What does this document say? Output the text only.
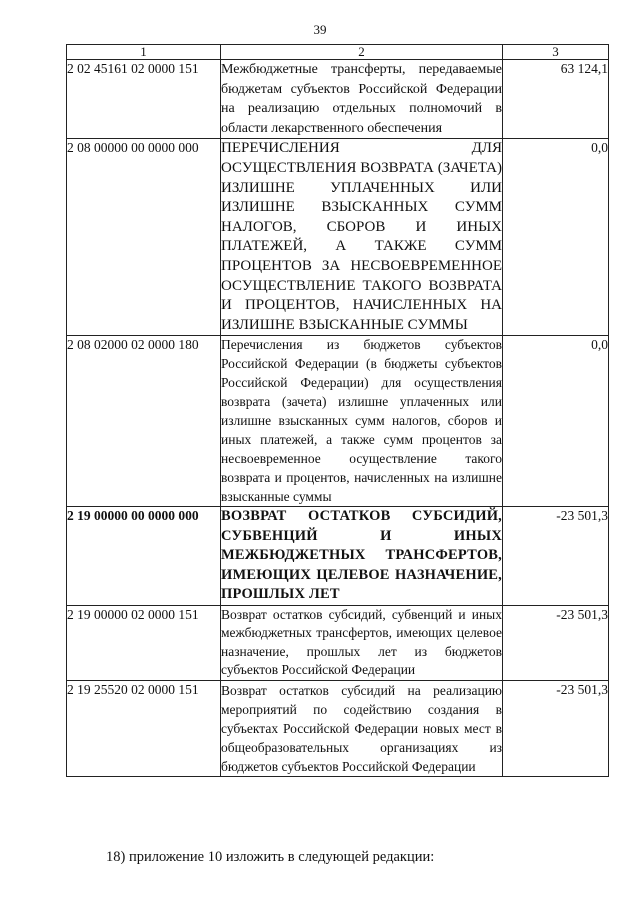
39
1	2	3
2 02 45161 02 0000 151	Межбюджетные трансферты, передаваемые бюджетам субъектов Российской Федерации на реализацию отдельных полномочий в области лекарственного обеспечения	63 124,1
2 08 00000 00 0000 000	ПЕРЕЧИСЛЕНИЯ ДЛЯ ОСУЩЕСТВЛЕНИЯ ВОЗВРАТА (ЗАЧЕТА) ИЗЛИШНЕ УПЛАЧЕННЫХ ИЛИ ИЗЛИШНЕ ВЗЫСКАННЫХ СУММ НАЛОГОВ, СБОРОВ И ИНЫХ ПЛАТЕЖЕЙ, А ТАКЖЕ СУММ ПРОЦЕНТОВ ЗА НЕСВОЕВРЕМЕННОЕ ОСУЩЕСТВЛЕНИЕ ТАКОГО ВОЗВРАТА И ПРОЦЕНТОВ, НАЧИСЛЕННЫХ НА ИЗЛИШНЕ ВЗЫСКАННЫЕ СУММЫ	0,0
2 08 02000 02 0000 180	Перечисления из бюджетов субъектов Российской Федерации (в бюджеты субъектов Российской Федерации) для осуществления возврата (зачета) излишне уплаченных или излишне взысканных сумм налогов, сборов и иных платежей, а также сумм процентов за несвоевременное осуществление такого возврата и процентов, начисленных на излишне взысканные суммы	0,0
2 19 00000 00 0000 000	ВОЗВРАТ ОСТАТКОВ СУБСИДИЙ, СУБВЕНЦИЙ И ИНЫХ МЕЖБЮДЖЕТНЫХ ТРАНСФЕРТОВ, ИМЕЮЩИХ ЦЕЛЕВОЕ НАЗНАЧЕНИЕ, ПРОШЛЫХ ЛЕТ	-23 501,3
2 19 00000 02 0000 151	Возврат остатков субсидий, субвенций и иных межбюджетных трансфертов, имеющих целевое назначение, прошлых лет из бюджетов субъектов Российской Федерации	-23 501,3
2 19 25520 02 0000 151	Возврат остатков субсидий на реализацию мероприятий по содействию создания в субъектах Российской Федерации новых мест в общеобразовательных организациях из бюджетов субъектов Российской Федерации	-23 501,3
18) приложение 10 изложить в следующей редакции:
